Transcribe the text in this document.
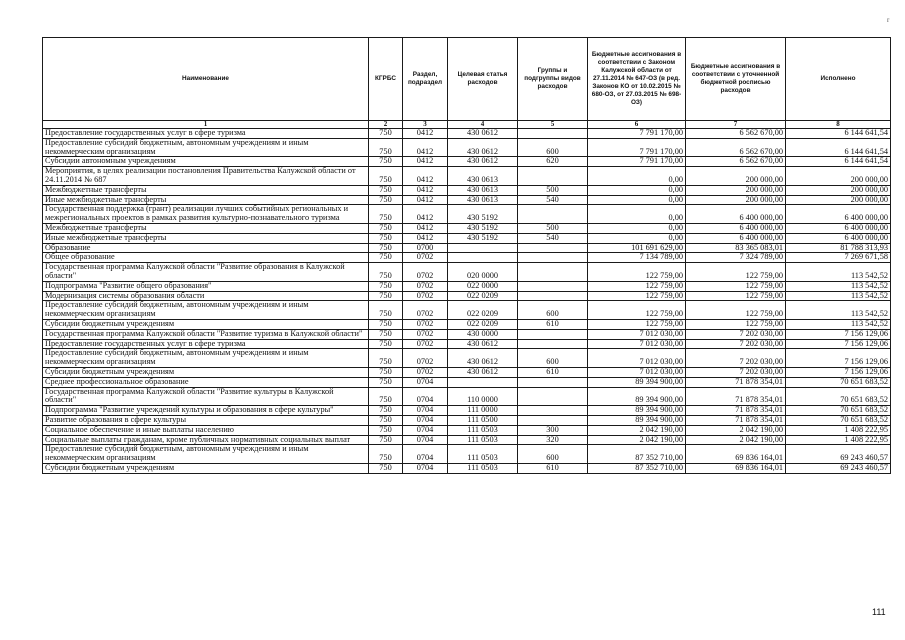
r
Наименование	КГРБС	Раздел, подраздел	Целевая статья расходов	Группы и подгруппы видов расходов	Бюджетные ассигнования в соответствии с Законом Калужской области от 27.11.2014 № 647-ОЗ (в ред. Законов КО от 10.02.2015 № 680-ОЗ, от 27.03.2015 № 698-ОЗ)	Бюджетные ассигнования в соответствии с уточненной бюджетной росписью расходов	Исполнено
1	2	3	4	5	6	7	8
Предоставление государственных услуг в сфере туризма	750	0412	430 0612		7 791 170,00	6 562 670,00	6 144 641,54
Предоставление субсидий бюджетным, автономным учреждениям и иным некоммерческим организациям	750	0412	430 0612	600	7 791 170,00	6 562 670,00	6 144 641,54
Субсидии автономным учреждениям	750	0412	430 0612	620	7 791 170,00	6 562 670,00	6 144 641,54
Мероприятия, в целях реализации постановления Правительства Калужской области от 24.11.2014 № 687	750	0412	430 0613		0,00	200 000,00	200 000,00
Межбюджетные трансферты	750	0412	430 0613	500	0,00	200 000,00	200 000,00
Иные межбюджетные трансферты	750	0412	430 0613	540	0,00	200 000,00	200 000,00
Государственная поддержка (грант) реализации лучших событийных региональных и межрегиональных проектов в рамках развития культурно-познавательного туризма	750	0412	430 5192		0,00	6 400 000,00	6 400 000,00
Межбюджетные трансферты	750	0412	430 5192	500	0,00	6 400 000,00	6 400 000,00
Иные межбюджетные трансферты	750	0412	430 5192	540	0,00	6 400 000,00	6 400 000,00
Образование	750	0700			101 691 629,00	83 365 083,01	81 788 313,93
Общее образование	750	0702			7 134 789,00	7 324 789,00	7 269 671,58
Государственная программа Калужской области "Развитие образования в Калужской области"	750	0702	020 0000		122 759,00	122 759,00	113 542,52
Подпрограмма "Развитие общего образования"	750	0702	022 0000		122 759,00	122 759,00	113 542,52
Модернизация системы образования области	750	0702	022 0209		122 759,00	122 759,00	113 542,52
Предоставление субсидий бюджетным, автономным учреждениям и иным некоммерческим организациям	750	0702	022 0209	600	122 759,00	122 759,00	113 542,52
Субсидии бюджетным учреждениям	750	0702	022 0209	610	122 759,00	122 759,00	113 542,52
Государственная программа Калужской области "Развитие туризма в Калужской области"	750	0702	430 0000		7 012 030,00	7 202 030,00	7 156 129,06
Предоставление государственных услуг в сфере туризма	750	0702	430 0612		7 012 030,00	7 202 030,00	7 156 129,06
Предоставление субсидий бюджетным, автономным учреждениям и иным некоммерческим организациям	750	0702	430 0612	600	7 012 030,00	7 202 030,00	7 156 129,06
Субсидии бюджетным учреждениям	750	0702	430 0612	610	7 012 030,00	7 202 030,00	7 156 129,06
Среднее профессиональное образование	750	0704			89 394 900,00	71 878 354,01	70 651 683,52
Государственная программа Калужской области "Развитие культуры в Калужской области"	750	0704	110 0000		89 394 900,00	71 878 354,01	70 651 683,52
Подпрограмма "Развитие учреждений культуры и образования в сфере культуры"	750	0704	111 0000		89 394 900,00	71 878 354,01	70 651 683,52
Развитие образования в сфере культуры	750	0704	111 0500		89 394 900,00	71 878 354,01	70 651 683,52
Социальное обеспечение и иные выплаты населению	750	0704	111 0503	300	2 042 190,00	2 042 190,00	1 408 222,95
Социальные выплаты гражданам, кроме публичных нормативных социальных выплат	750	0704	111 0503	320	2 042 190,00	2 042 190,00	1 408 222,95
Предоставление субсидий бюджетным, автономным учреждениям и иным некоммерческим организациям	750	0704	111 0503	600	87 352 710,00	69 836 164,01	69 243 460,57
Субсидии бюджетным учреждениям	750	0704	111 0503	610	87 352 710,00	69 836 164,01	69 243 460,57
111
